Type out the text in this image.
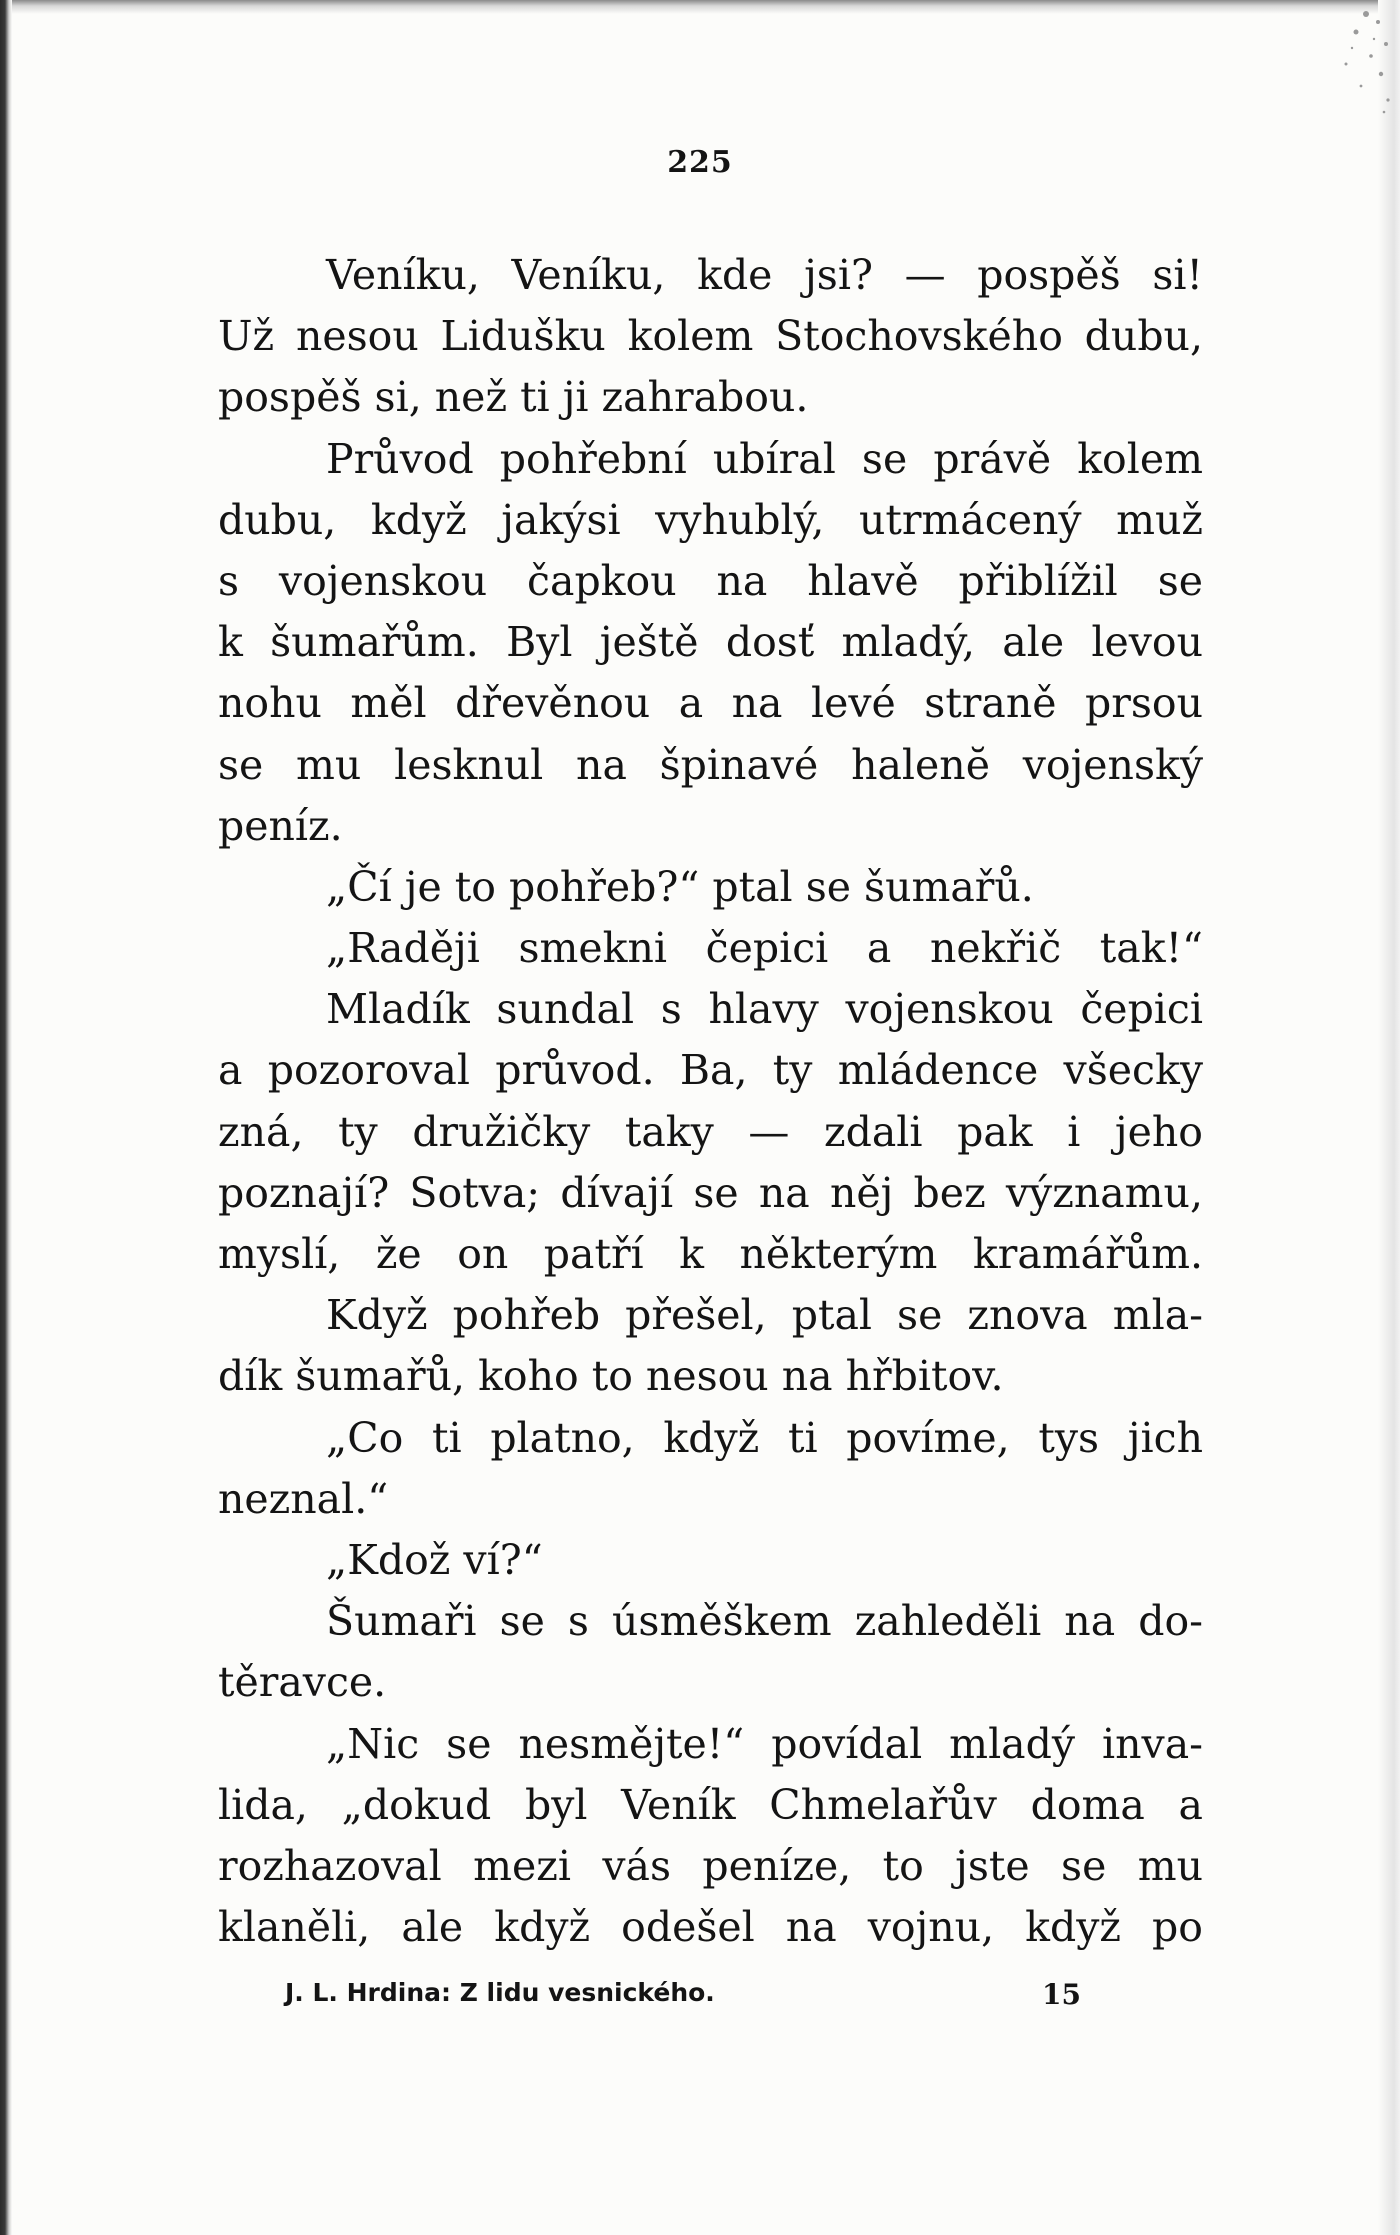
225
Veníku, Veníku, kde jsi? — pospěš si!
Už nesou Lidušku kolem Stochovského dubu,
pospěš si, než ti ji zahrabou.
Průvod pohřební ubíral se právě kolem
dubu, když jakýsi vyhublý, utrmácený muž
s vojenskou čapkou na hlavě přiblížil se
k šumařům. Byl ještě dosť mladý, ale levou
nohu měl dřevěnou a na levé straně prsou
se mu lesknul na špinavé halenĕ vojenský
peníz.
„Čí je to pohřeb?“ ptal se šumařů.
„Raději smekni čepici a nekřič tak!“
Mladík sundal s hlavy vojenskou čepici
a pozoroval průvod. Ba, ty mládence všecky
zná, ty družičky taky — zdali pak i jeho
poznají? Sotva; dívají se na něj bez významu,
myslí, že on patří k některým kramářům.
Když pohřeb přešel, ptal se znova mla-
dík šumařů, koho to nesou na hřbitov.
„Co ti platno, když ti povíme, tys jich
neznal.“
„Kdož ví?“
Šumaři se s úsměškem zahleděli na do-
těravce.
„Nic se nesmějte!“ povídal mladý inva-
lida, „dokud byl Veník Chmelařův doma a
rozhazoval mezi vás peníze, to jste se mu
klaněli, ale když odešel na vojnu, když po
J. L. Hrdina: Z lidu vesnického.	15
